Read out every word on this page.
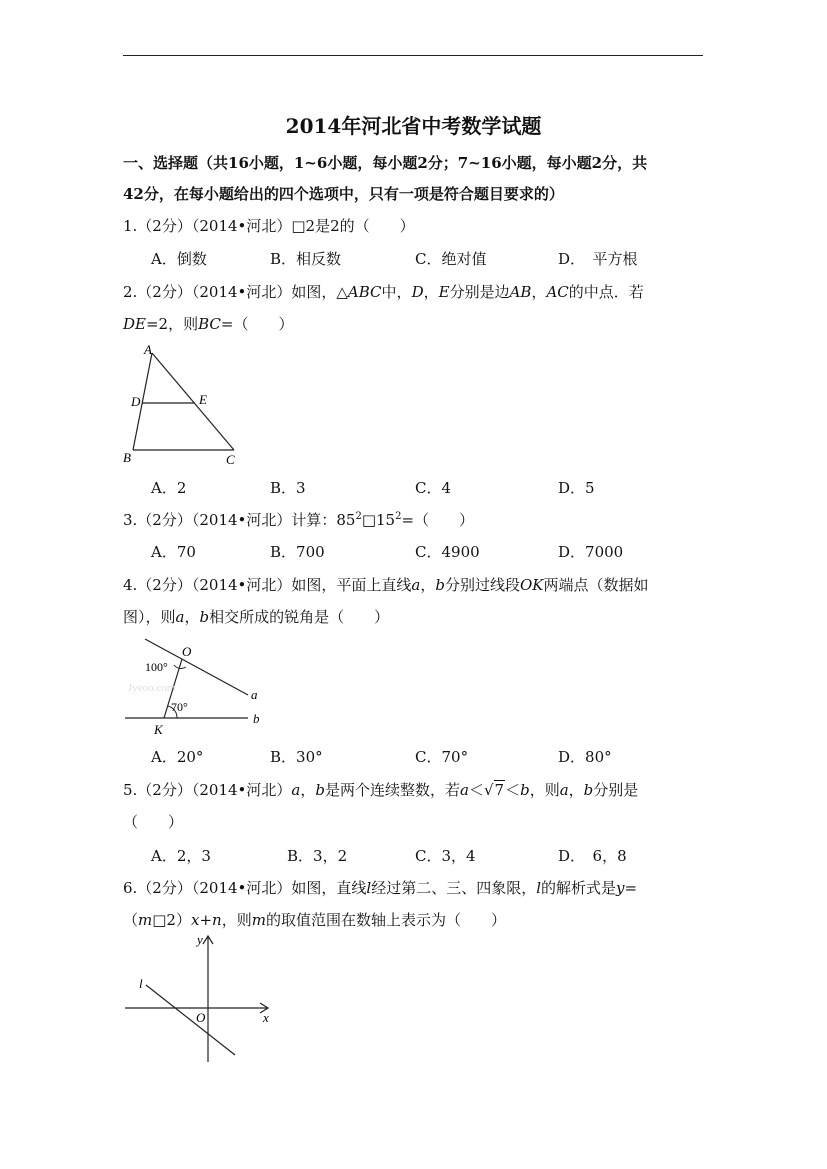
2014年河北省中考数学试题
一、选择题（共16小题，1~6小题，每小题2分；7~16小题，每小题2分，共
42分，在每小题给出的四个选项中，只有一项是符合题目要求的）
1.（2分）（2014•河北）□2是2的（　　）
A．倒数	B．相反数	C．绝对值	D．　平方根
2.（2分）（2014•河北）如图，△ABC中，D，E分别是边AB，AC的中点．若
DE=2，则BC=（　　）
A
D	E
B	C
A．2	B．3	C．4	D．5
3.（2分）（2014•河北）计算：$85^2□15^2=$（　　）
A．70	B．700	C．4900	D．7000
4.（2分）（2014•河北）如图，平面上直线a，b分别过线段OK两端点（数据如
图），则a，b相交所成的锐角是（　　）
Jyeoo.com
O
100°
a
70°
b
K
A．20°	B．30°	C．70°	D．80°
5.（2分）（2014•河北）a，b是两个连续整数，若a＜√7＜b，则a，b分别是
（　　）
A．2，3	B．3，2	C．3，4	D．　6，8
6.（2分）（2014•河北）如图，直线l经过第二、三、四象限，l的解析式是y=
（m□2）x+n，则m的取值范围在数轴上表示为（　　）
y
x
O
l
